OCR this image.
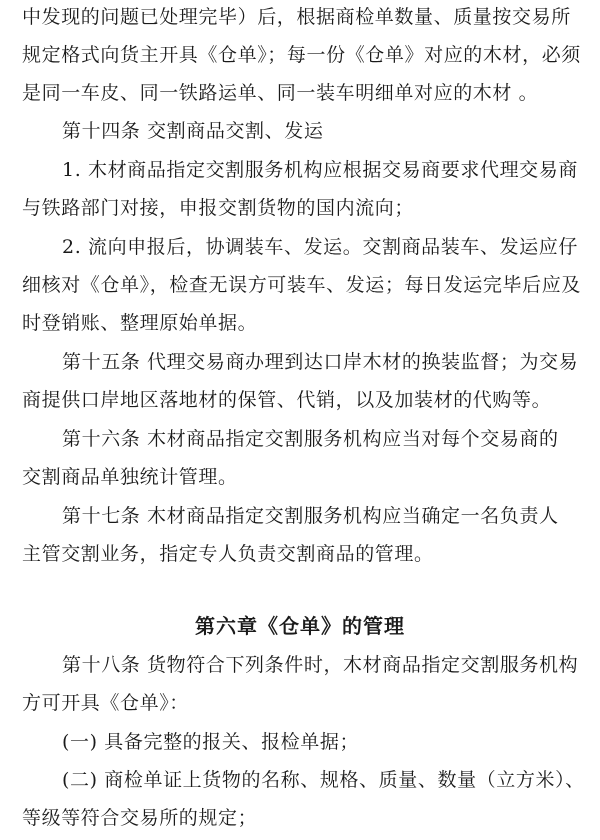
中发现的问题已处理完毕）后，根据商检单数量、质量按交易所
规定格式向货主开具《仓单》；每一份《仓单》对应的木材，必须
是同一车皮、同一铁路运单、同一装车明细单对应的木材 。
第十四条 交割商品交割、发运
1. 木材商品指定交割服务机构应根据交易商要求代理交易商
与铁路部门对接，申报交割货物的国内流向；
2. 流向申报后，协调装车、发运。交割商品装车、发运应仔
细核对《仓单》，检查无误方可装车、发运；每日发运完毕后应及
时登销账、整理原始单据。
第十五条 代理交易商办理到达口岸木材的换装监督；为交易
商提供口岸地区落地材的保管、代销，以及加装材的代购等。
第十六条 木材商品指定交割服务机构应当对每个交易商的
交割商品单独统计管理。
第十七条 木材商品指定交割服务机构应当确定一名负责人
主管交割业务，指定专人负责交割商品的管理。
第六章《仓单》的管理
第十八条 货物符合下列条件时，木材商品指定交割服务机构
方可开具《仓单》：
(一) 具备完整的报关、报检单据；
(二) 商检单证上货物的名称、规格、质量、数量（立方米）、
等级等符合交易所的规定；
